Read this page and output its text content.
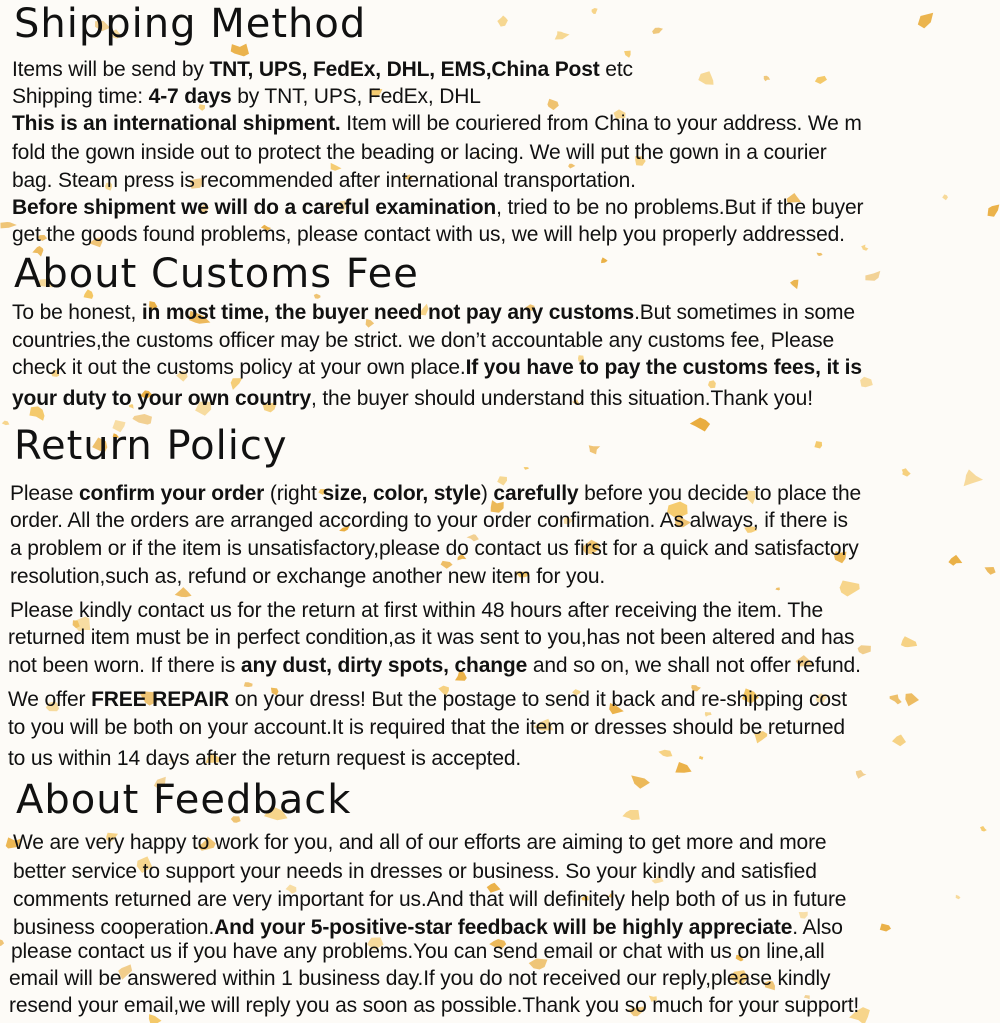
Shipping Method
Items will be send by TNT, UPS, FedEx, DHL, EMS,China Post etc
Shipping time: 4-7 days by TNT, UPS, FedEx, DHL
This is an international shipment. Item will be couriered from China to your address. We m
fold the gown inside out to protect the beading or lacing. We will put the gown in a courier
bag. Steam press is recommended after international transportation.
Before shipment we will do a careful examination, tried to be no problems.But if the buyer
get the goods found problems, please contact with us, we will help you properly addressed.
About Customs Fee
To be honest, in most time, the buyer need not pay any customs.But sometimes in some
countries,the customs officer may be strict. we don’t accountable any customs fee, Please
check it out the customs policy at your own place.If you have to pay the customs fees, it is
your duty to your own country, the buyer should understand this situation.Thank you!
Return Policy
Please confirm your order (right size, color, style) carefully before you decide to place the
order. All the orders are arranged according to your order confirmation. As always, if there is
a problem or if the item is unsatisfactory,please do contact us first for a quick and satisfactory
resolution,such as, refund or exchange another new item for you.
Please kindly contact us for the return at first within 48 hours after receiving the item. The
returned item must be in perfect condition,as it was sent to you,has not been altered and has
not been worn. If there is any dust, dirty spots, change and so on, we shall not offer refund.
We offer FREE REPAIR on your dress! But the postage to send it back and re-shipping cost
to you will be both on your account.It is required that the item or dresses should be returned
to us within 14 days after the return request is accepted.
About Feedback
We are very happy to work for you, and all of our efforts are aiming to get more and more
better service to support your needs in dresses or business. So your kindly and satisfied
comments returned are very important for us.And that will definitely help both of us in future
business cooperation.And your 5-positive-star feedback will be highly appreciate. Also
please contact us if you have any problems.You can send email or chat with us on line,all
email will be answered within 1 business day.If you do not received our reply,please kindly
resend your email,we will reply you as soon as possible.Thank you so much for your support!
